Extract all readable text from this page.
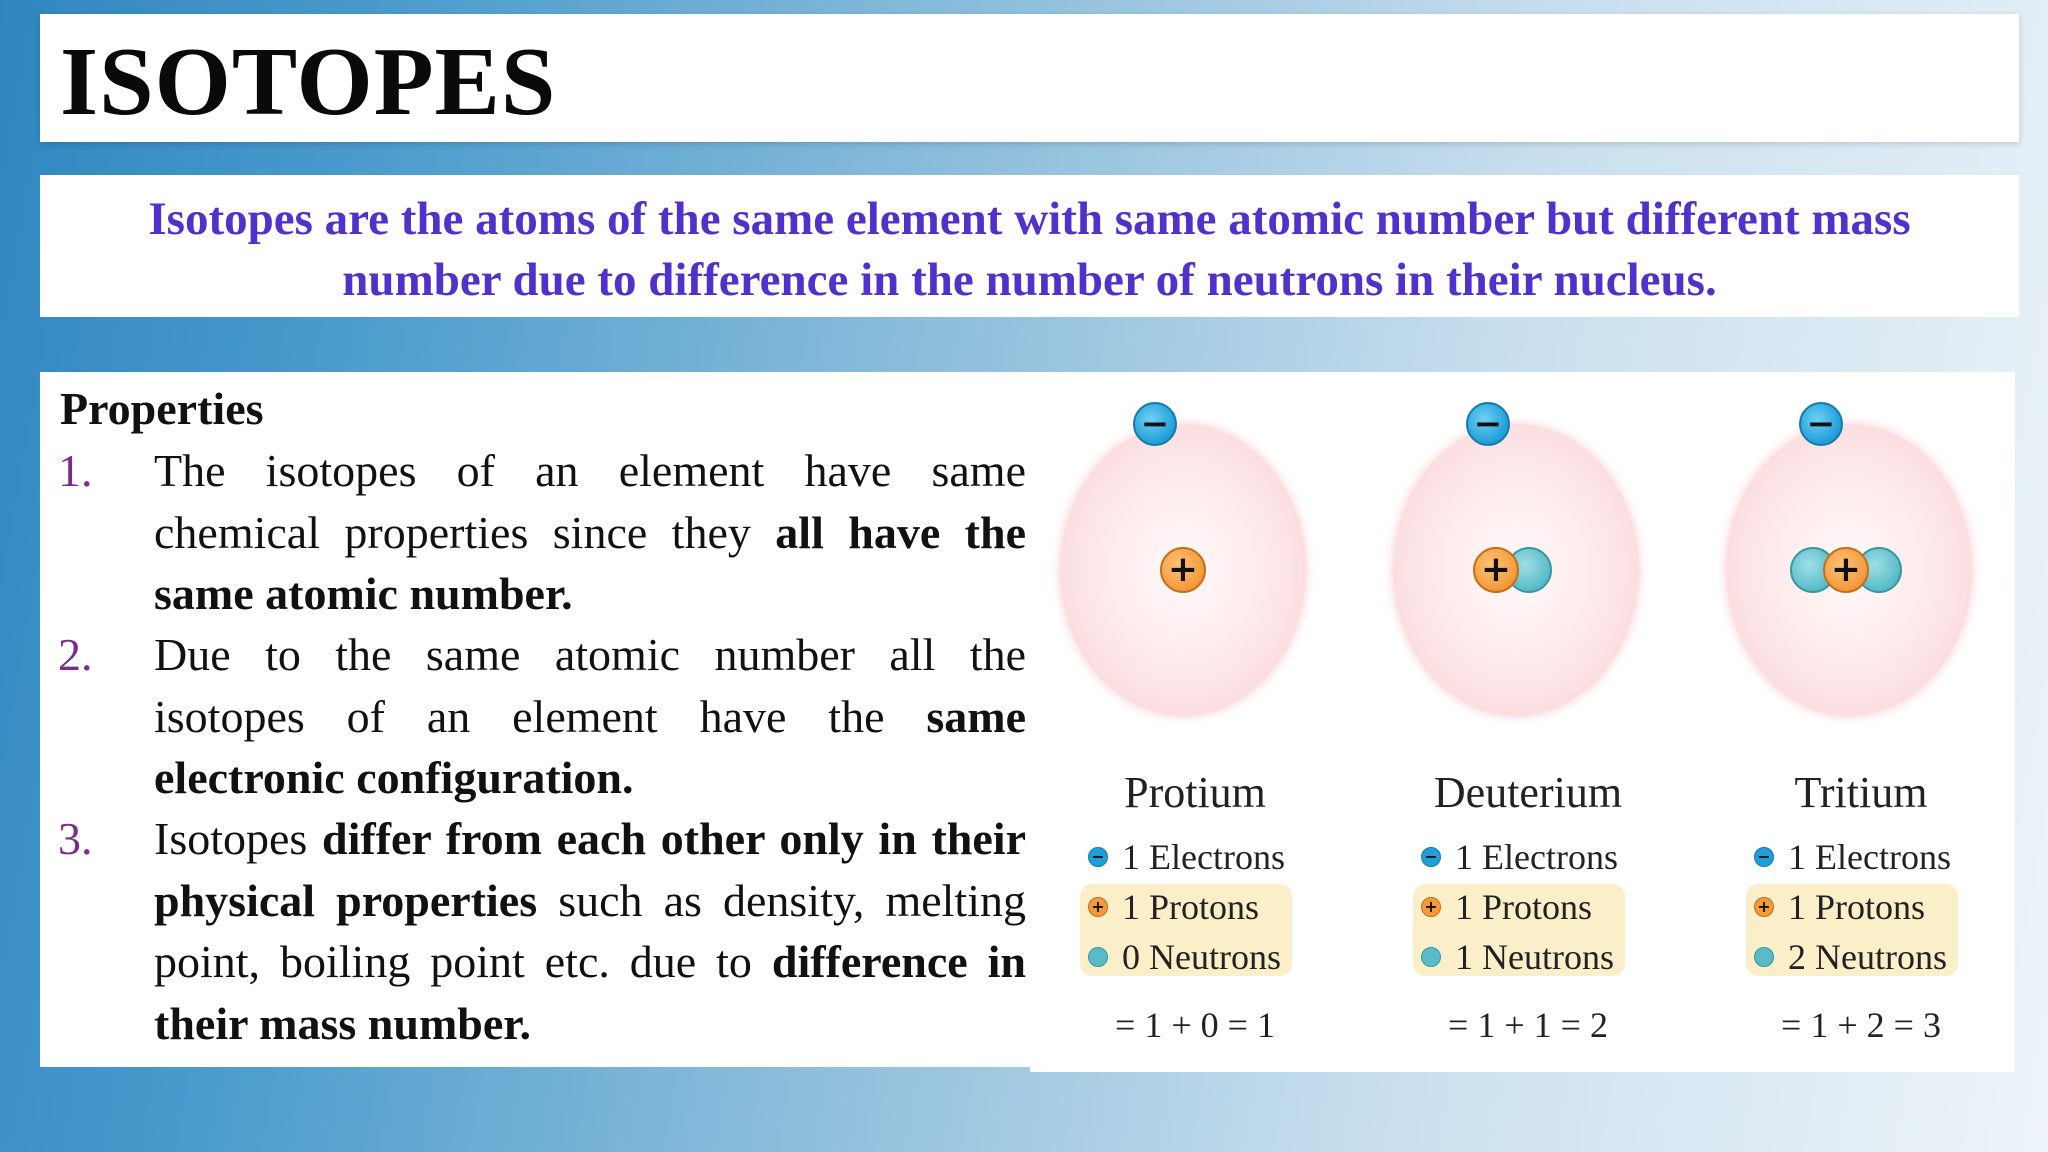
ISOTOPES

Isotopes are the atoms of the same element with same atomic number but different mass number due to difference in the number of neutrons in their nucleus.

Properties
1.	The isotopes of an element have same chemical properties since they all have the same atomic number.

2.	Due to the same atomic number all the isotopes of an element have the same electronic configuration.

3.	Isotopes differ from each other only in their physical properties such as density, melting point, boiling point etc. due to difference in their mass number.

−
+
Protium
− 1 Electrons
+ 1 Protons
0 Neutrons
= 1 + 0 = 1
−
+
Deuterium
− 1 Electrons
+ 1 Protons
1 Neutrons
= 1 + 1 = 2
−
+
Tritium
− 1 Electrons
+ 1 Protons
2 Neutrons
= 1 + 2 = 3
